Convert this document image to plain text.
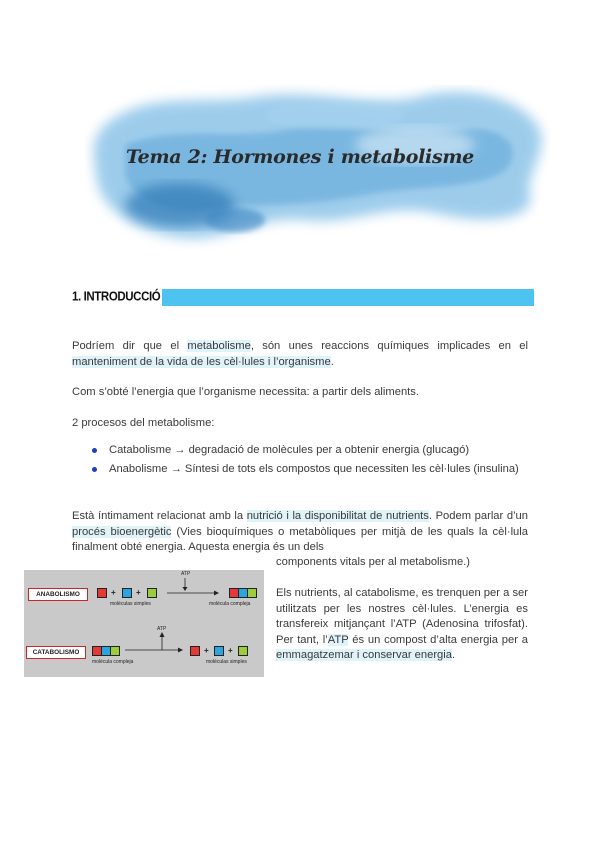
Tema 2: Hormones i metabolisme
1. INTRODUCCIÓ
Podríem dir que el metabolisme, són unes reaccions químiques implicades en el manteniment de la vida de les cèl·lules i l’organisme.
Com s’obté l’energia que l’organisme necessita: a partir dels aliments.
2 procesos del metabolisme:
Catabolisme → degradació de molècules per a obtenir energia (glucagó)
Anabolisme → Síntesi de tots els compostos que necessiten les cèl·lules (insulina)
Està íntimament relacionat amb la nutrició i la disponibilitat de nutrients. Podem parlar d’un procés bioenergètic (Vies bioquímiques o metabòliques per mitjà de les quals la cèl·lula finalment obté energia. Aquesta energia és un dels
components vitals per al metabolisme.)
ANABOLISMO	+	+
moléculas simples
ATP
molécula compleja
CATABOLISMO
molécula compleja
ATP
+ +
moléculas simples
Els nutrients, al catabolisme, es trenquen per a ser utilitzats per les nostres cèl·lules. L’energia es transfereix mitjançant l’ATP (Adenosina trifosfat). Per tant, l’ATP és un compost d’alta energia per a emmagatzemar i conservar energia.
